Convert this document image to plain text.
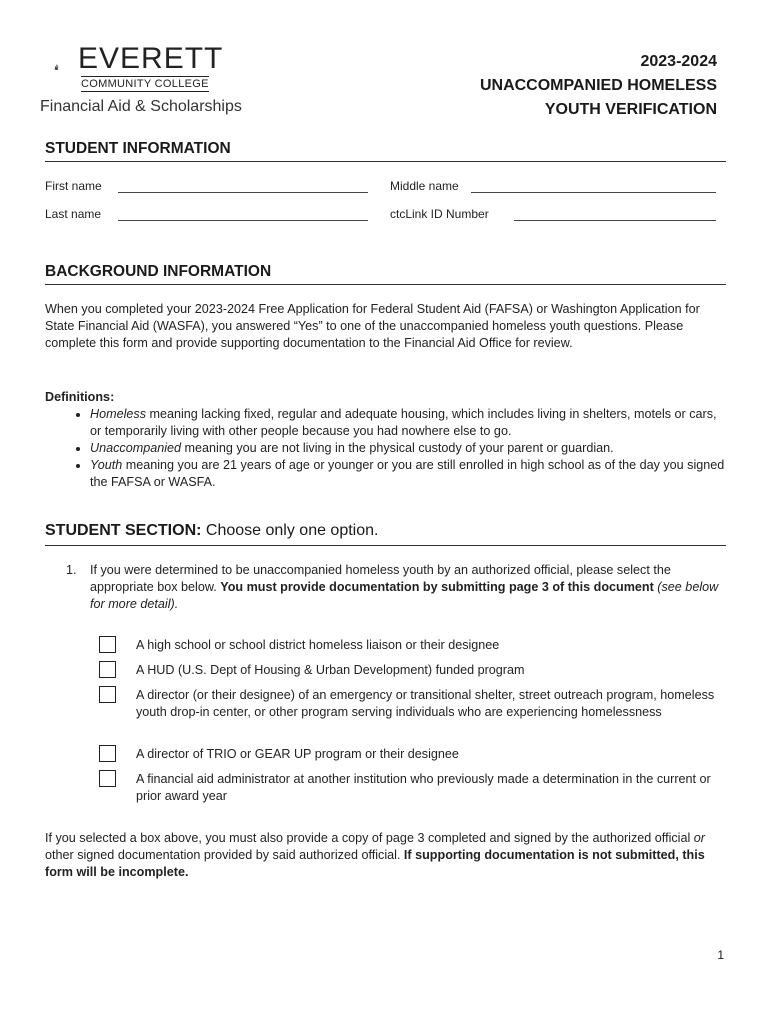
EVERETT
COMMUNITY COLLEGE
Financial Aid & Scholarships
2023-2024
UNACCOMPANIED HOMELESS
YOUTH VERIFICATION
STUDENT INFORMATION
First name	Middle name
Last name	ctcLink ID Number
BACKGROUND INFORMATION
When you completed your 2023-2024 Free Application for Federal Student Aid (FAFSA) or Washington Application for State Financial Aid (WASFA), you answered “Yes” to one of the unaccompanied homeless youth questions. Please complete this form and provide supporting documentation to the Financial Aid Office for review.
Definitions:
• Homeless meaning lacking fixed, regular and adequate housing, which includes living in shelters, motels or cars, or temporarily living with other people because you had nowhere else to go.
• Unaccompanied meaning you are not living in the physical custody of your parent or guardian.
• Youth meaning you are 21 years of age or younger or you are still enrolled in high school as of the day you signed the FAFSA or WASFA.
STUDENT SECTION: Choose only one option.
1. If you were determined to be unaccompanied homeless youth by an authorized official, please select the appropriate box below. You must provide documentation by submitting page 3 of this document (see below for more detail).
A high school or school district homeless liaison or their designee
A HUD (U.S. Dept of Housing & Urban Development) funded program
A director (or their designee) of an emergency or transitional shelter, street outreach program, homeless youth drop-in center, or other program serving individuals who are experiencing homelessness
A director of TRIO or GEAR UP program or their designee
A financial aid administrator at another institution who previously made a determination in the current or prior award year
If you selected a box above, you must also provide a copy of page 3 completed and signed by the authorized official or other signed documentation provided by said authorized official. If supporting documentation is not submitted, this form will be incomplete.
1
